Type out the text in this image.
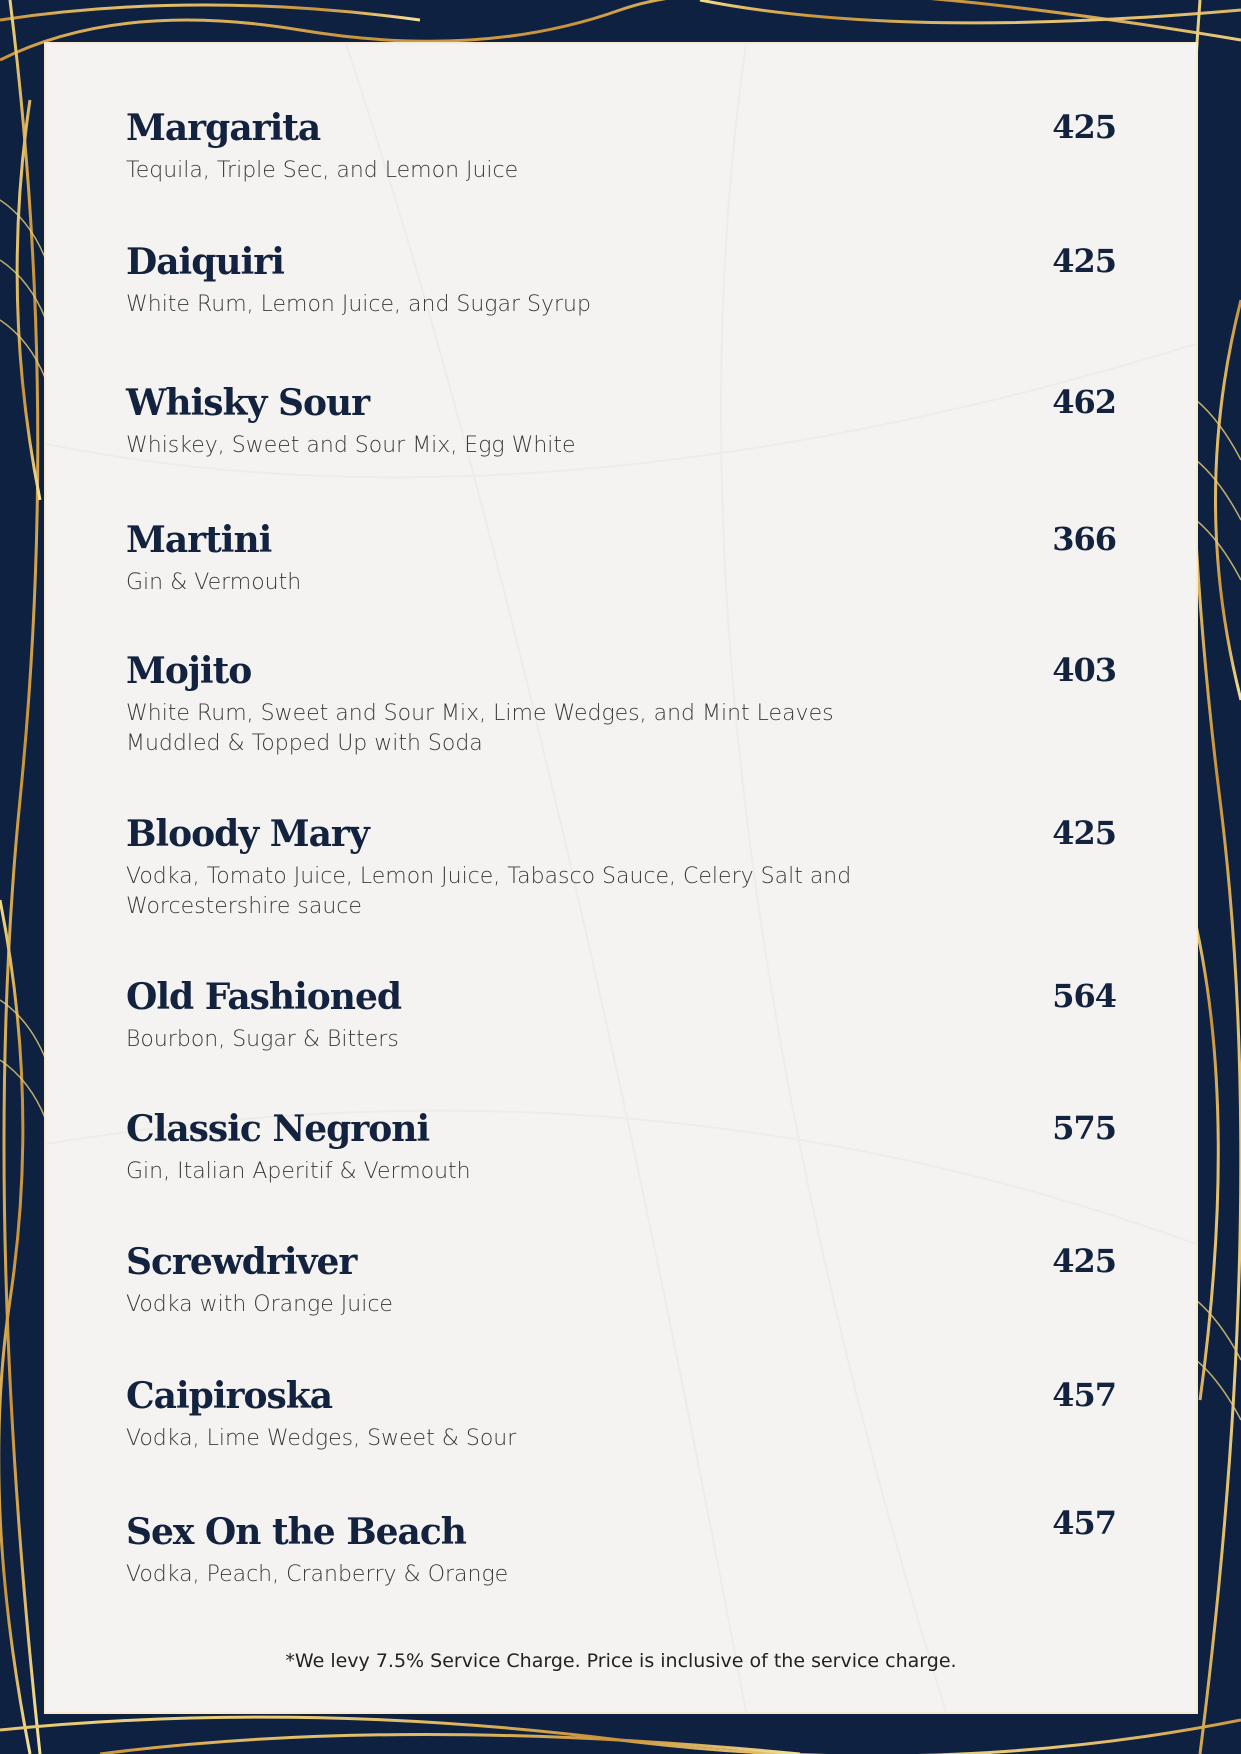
Margarita	425
Tequila, Triple Sec, and Lemon Juice
Daiquiri	425
White Rum, Lemon Juice, and Sugar Syrup
Whisky Sour	462
Whiskey, Sweet and Sour Mix, Egg White
Martini	366
Gin & Vermouth
Mojito	403
White Rum, Sweet and Sour Mix, Lime Wedges, and Mint Leaves Muddled & Topped Up with Soda
Bloody Mary	425
Vodka, Tomato Juice, Lemon Juice, Tabasco Sauce, Celery Salt and Worcestershire sauce
Old Fashioned	564
Bourbon, Sugar & Bitters
Classic Negroni	575
Gin, Italian Aperitif & Vermouth
Screwdriver	425
Vodka with Orange Juice
Caipiroska	457
Vodka, Lime Wedges, Sweet & Sour
Sex On the Beach	457
Vodka, Peach, Cranberry & Orange
*We levy 7.5% Service Charge. Price is inclusive of the service charge.
